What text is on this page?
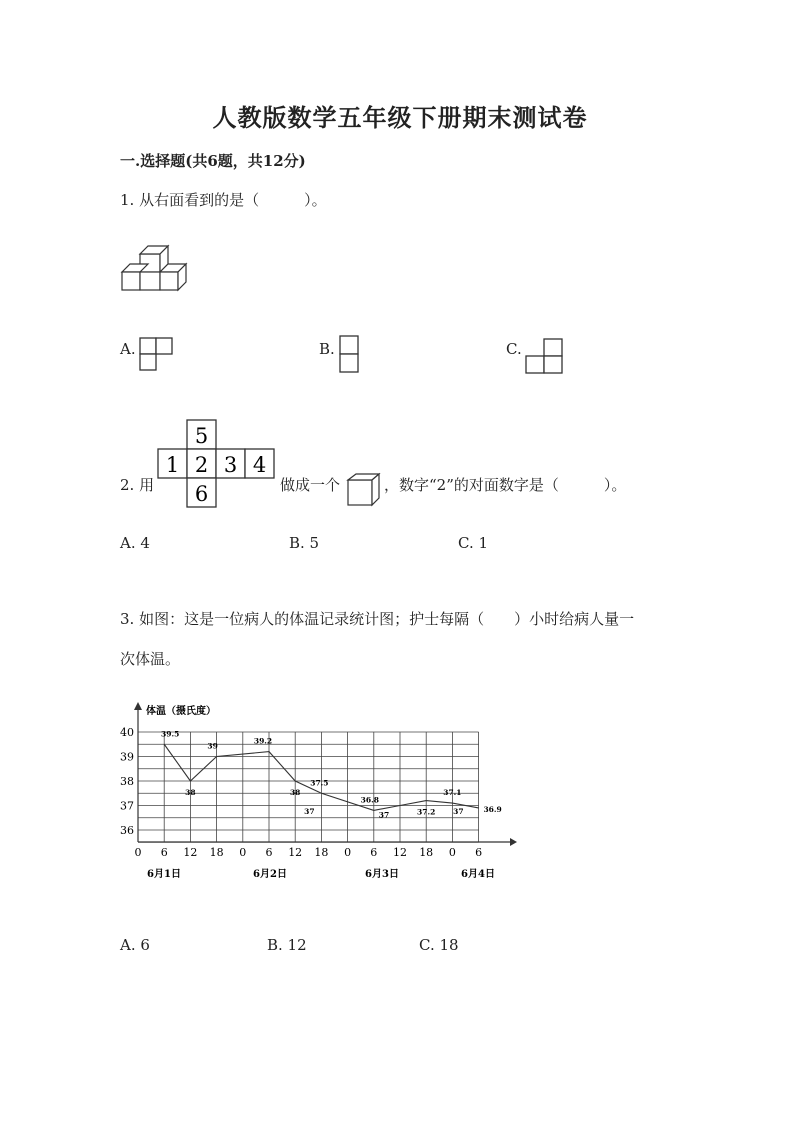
人教版数学五年级下册期末测试卷
一.选择题(共6题，共12分)
1. 从右面看到的是（　　　）。
A.	B.	C.
2. 用
5
1 2 3 4
6	做成一个	，数字“2”的对面数字是（　　　）。
A. 4	B. 5	C. 1
3. 如图：这是一位病人的体温记录统计图；护士每隔（　　）小时给病人量一
次体温。
体温（摄氏度）
36
37
38
39
40
0 6 12 18 0 6 12 18 0 6 12 18 0 6
6月1日	6月2日	6月3日	6月4日
39.5
38
39
39.2
38
37.5
36.8
37	37.2
37.1
36.9
37	37
A. 6	B. 12	C. 18
